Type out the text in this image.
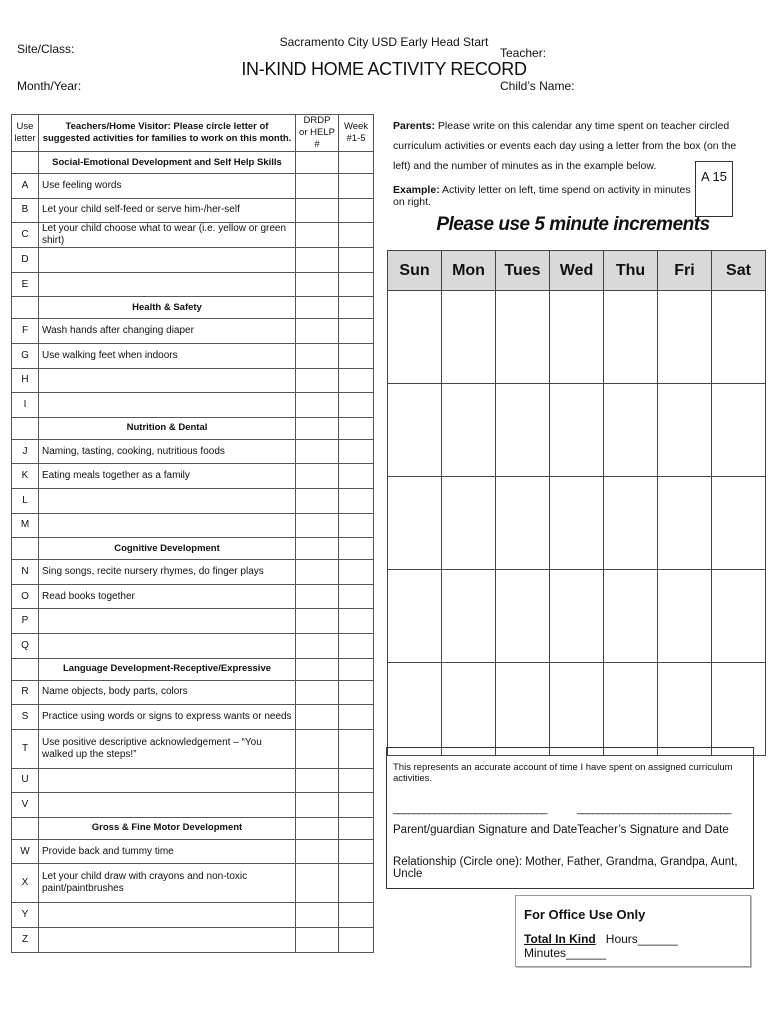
Site/Class:
Month/Year:
Sacramento City USD Early Head Start
IN-KIND HOME ACTIVITY RECORD
Teacher:
Child’s Name:
Use letter	Teachers/Home Visitor: Please circle letter of suggested activities for families to work on this month.	DRDP or HELP #	Week #1-5
	Social-Emotional Development and Self Help Skills		
A	Use feeling words		
B	Let your child self-feed or serve him-/her-self		
C	Let your child choose what to wear (i.e. yellow or green shirt)		
D			
E			
	Health & Safety		
F	Wash hands after changing diaper		
G	Use walking feet when indoors		
H			
I			
	Nutrition & Dental		
J	Naming, tasting, cooking, nutritious foods		
K	Eating meals together as a family		
L			
M			
	Cognitive Development		
N	Sing songs, recite nursery rhymes, do finger plays		
O	Read books together		
P			
Q			
	Language Development-Receptive/Expressive		
R	Name objects, body parts, colors		
S	Practice using words or signs to express wants or needs		
T	Use positive descriptive acknowledgement – “You walked up the steps!”		
U			
V			
	Gross & Fine Motor Development		
W	Provide back and tummy time		
X	Let your child draw with crayons and non-toxic paint/paintbrushes		
Y			
Z			
Parents: Please write on this calendar any time spent on teacher circled curriculum activities or events each day using a letter from the box (on the left) and the number of minutes as in the example below.
Example: Activity letter on left, time spend on activity in minutes on right.
A 15
Please use 5 minute increments
Sun	Mon	Tues	Wed	Thu	Fri	Sat

This represents an accurate account of time I have spent on assigned curriculum activities.
______________________________	______________________________
Parent/guardian Signature and Date Teacher’s Signature and Date
Relationship (Circle one): Mother, Father, Grandma, Grandpa, Aunt, Uncle
For Office Use Only
Total In Kind Hours______    Minutes______
